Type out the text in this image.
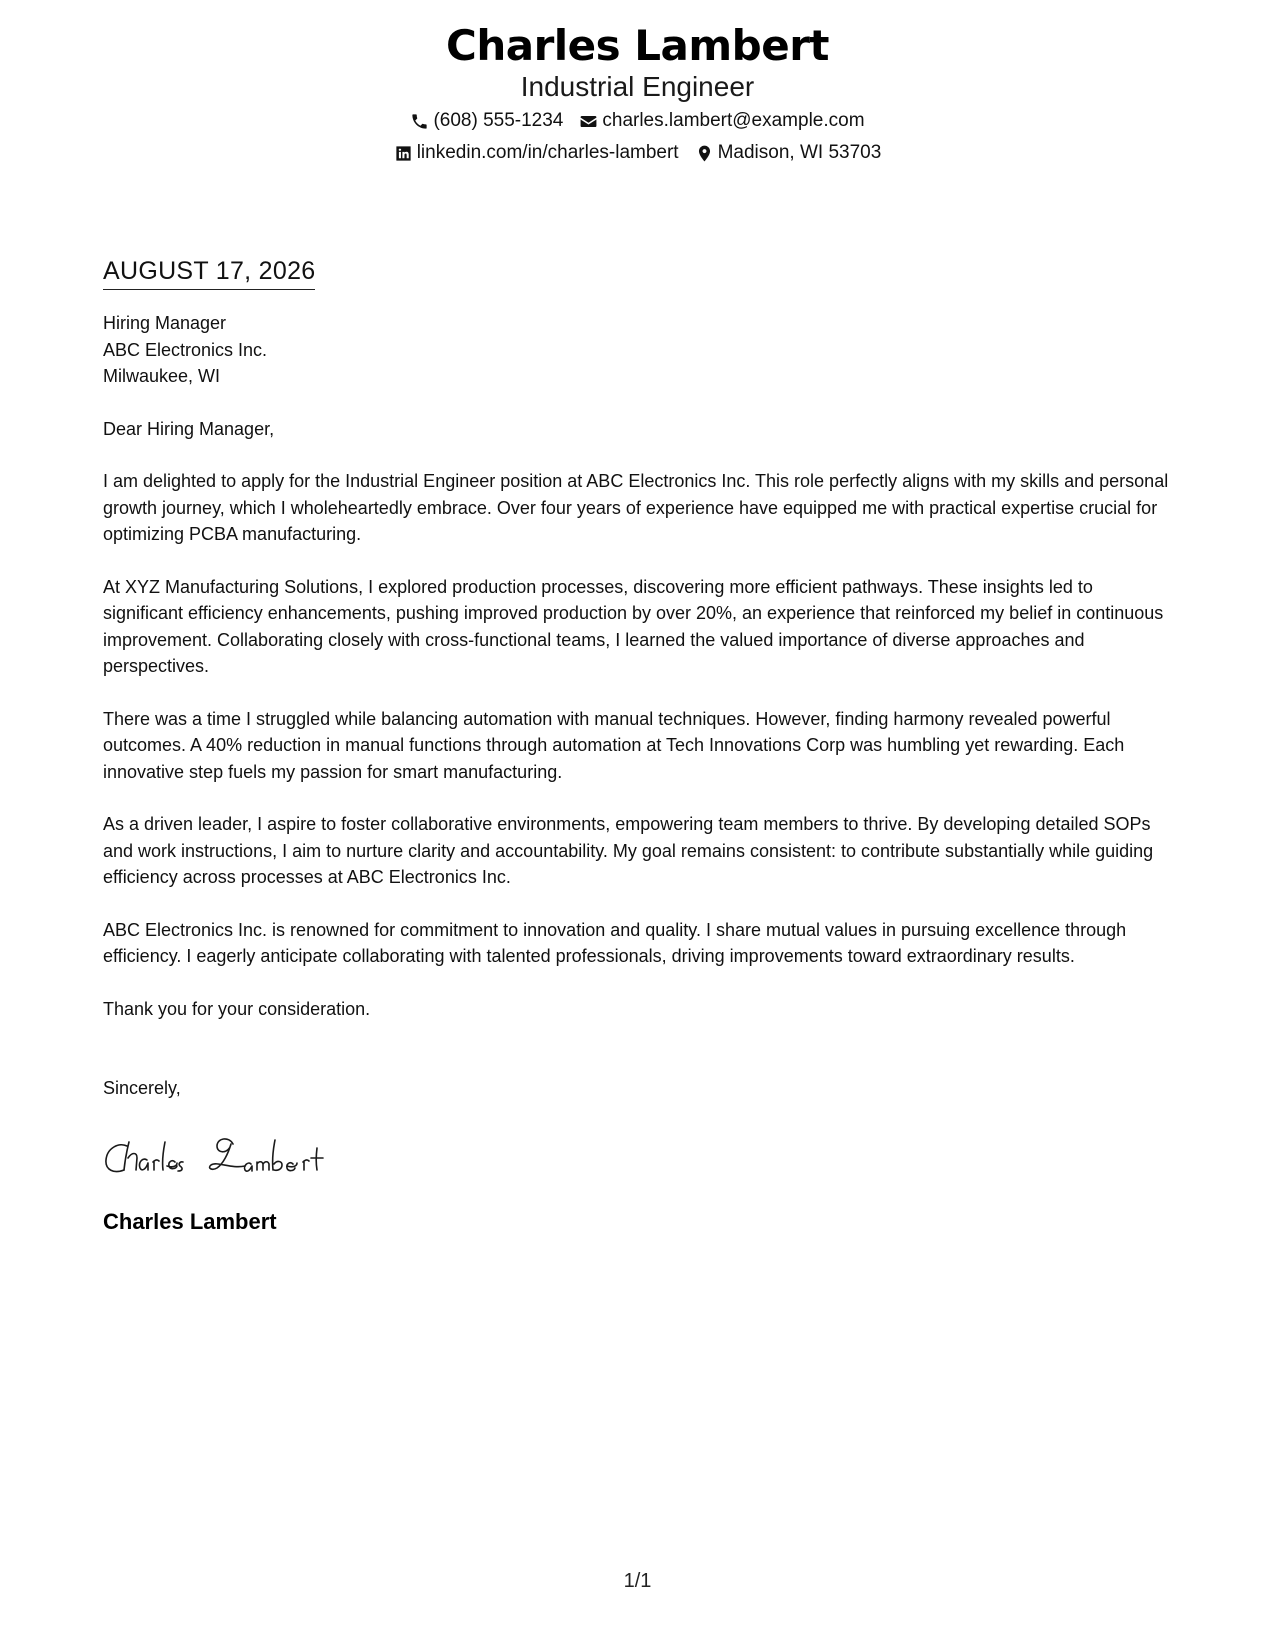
Charles Lambert
Industrial Engineer
(608) 555-1234 charles.lambert@example.com
linkedin.com/in/charles-lambert Madison, WI 53703
AUGUST 17, 2026
Hiring Manager
ABC Electronics Inc.
Milwaukee, WI
Dear Hiring Manager,
I am delighted to apply for the Industrial Engineer position at ABC Electronics Inc. This role perfectly aligns with my skills and personal growth journey, which I wholeheartedly embrace. Over four years of experience have equipped me with practical expertise crucial for optimizing PCBA manufacturing.
At XYZ Manufacturing Solutions, I explored production processes, discovering more efficient pathways. These insights led to significant efficiency enhancements, pushing improved production by over 20%, an experience that reinforced my belief in continuous improvement. Collaborating closely with cross-functional teams, I learned the valued importance of diverse approaches and perspectives.
There was a time I struggled while balancing automation with manual techniques. However, finding harmony revealed powerful outcomes. A 40% reduction in manual functions through automation at Tech Innovations Corp was humbling yet rewarding. Each innovative step fuels my passion for smart manufacturing.
As a driven leader, I aspire to foster collaborative environments, empowering team members to thrive. By developing detailed SOPs and work instructions, I aim to nurture clarity and accountability. My goal remains consistent: to contribute substantially while guiding efficiency across processes at ABC Electronics Inc.
ABC Electronics Inc. is renowned for commitment to innovation and quality. I share mutual values in pursuing excellence through efficiency. I eagerly anticipate collaborating with talented professionals, driving improvements toward extraordinary results.
Thank you for your consideration.
Sincerely,
Charles Lambert
1/1
